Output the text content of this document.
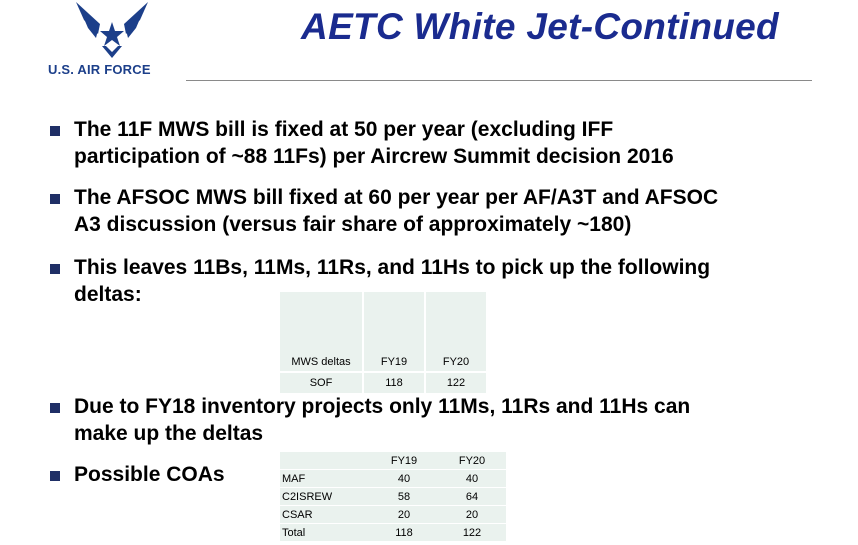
U.S. AIR FORCE
AETC White Jet-Continued
The 11F MWS bill is fixed at 50 per year (excluding IFF
participation of ~88 11Fs) per Aircrew Summit decision 2016
The AFSOC MWS bill fixed at 60 per year per AF/A3T and AFSOC
A3 discussion (versus fair share of approximately ~180)
This leaves 11Bs, 11Ms, 11Rs, and 11Hs to pick up the following
deltas:
MWS deltas	FY19	FY20
SOF	118	122
Due to FY18 inventory projects only 11Ms, 11Rs and 11Hs can
make up the deltas
Possible COAs
	FY19	FY20
MAF	40	40
C2ISREW	58	64
CSAR	20	20
Total	118	122
